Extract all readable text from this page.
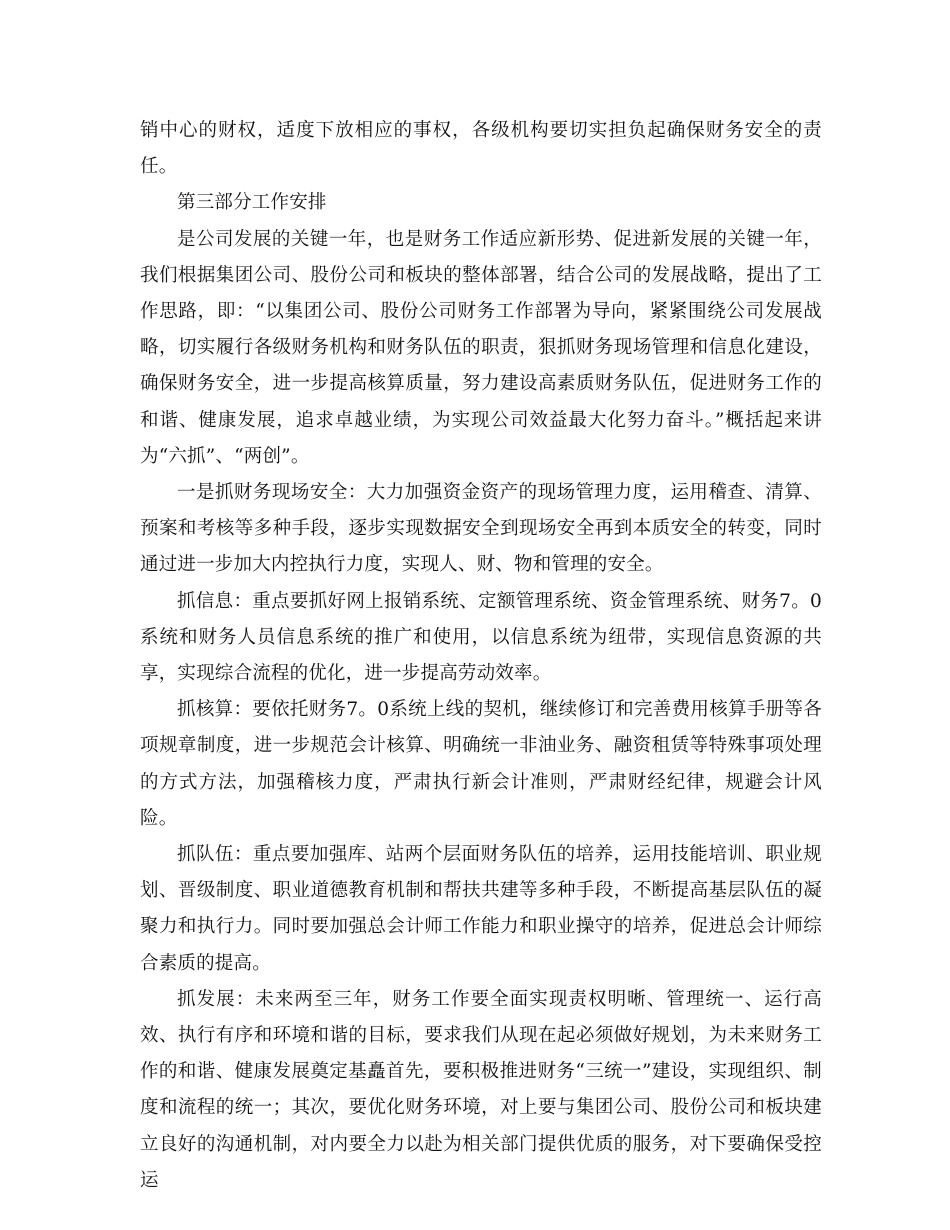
销中心的财权，适度下放相应的事权，各级机构要切实担负起确保财务安全的责任。

第三部分工作安排

是公司发展的关键一年，也是财务工作适应新形势、促进新发展的关键一年，我们根据集团公司、股份公司和板块的整体部署，结合公司的发展战略，提出了工作思路，即：“以集团公司、股份公司财务工作部署为导向，紧紧围绕公司发展战略，切实履行各级财务机构和财务队伍的职责，狠抓财务现场管理和信息化建设，确保财务安全，进一步提高核算质量，努力建设高素质财务队伍，促进财务工作的和谐、健康发展，追求卓越业绩，为实现公司效益最大化努力奋斗。”概括起来讲为“六抓”、“两创”。

一是抓财务现场安全：大力加强资金资产的现场管理力度，运用稽查、清算、预案和考核等多种手段，逐步实现数据安全到现场安全再到本质安全的转变，同时通过进一步加大内控执行力度，实现人、财、物和管理的安全。

抓信息：重点要抓好网上报销系统、定额管理系统、资金管理系统、财务7。0系统和财务人员信息系统的推广和使用，以信息系统为纽带，实现信息资源的共享，实现综合流程的优化，进一步提高劳动效率。

抓核算：要依托财务7。0系统上线的契机，继续修订和完善费用核算手册等各项规章制度，进一步规范会计核算、明确统一非油业务、融资租赁等特殊事项处理的方式方法，加强稽核力度，严肃执行新会计准则，严肃财经纪律，规避会计风险。

抓队伍：重点要加强库、站两个层面财务队伍的培养，运用技能培训、职业规划、晋级制度、职业道德教育机制和帮扶共建等多种手段，不断提高基层队伍的凝聚力和执行力。同时要加强总会计师工作能力和职业操守的培养，促进总会计师综合素质的提高。

抓发展：未来两至三年，财务工作要全面实现责权明晰、管理统一、运行高效、执行有序和环境和谐的目标，要求我们从现在起必须做好规划，为未来财务工作的和谐、健康发展奠定基矗首先，要积极推进财务“三统一”建设，实现组织、制度和流程的统一；其次，要优化财务环境，对上要与集团公司、股份公司和板块建立良好的沟通机制，对内要全力以赴为相关部门提供优质的服务，对下要确保受控运
